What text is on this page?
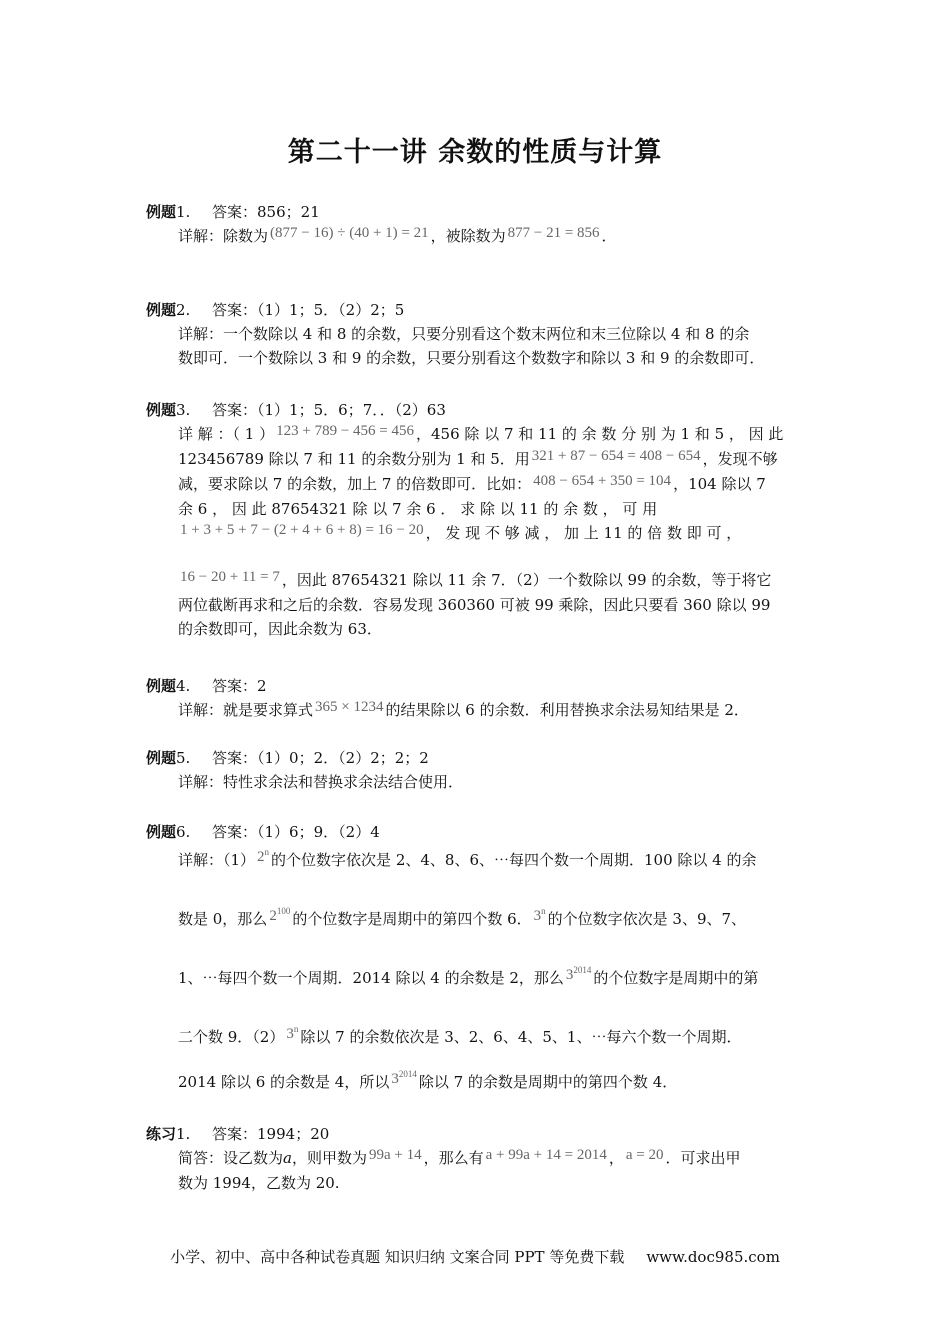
第二十一讲 余数的性质与计算
例题1. 答案：856；21
详解：除数为 (877 − 16) ÷ (40 + 1) = 21 ，被除数为 877 − 21 = 856 ．
例题2. 答案：（1）1；5．（2）2；5
详解：一个数除以 4 和 8 的余数，只要分别看这个数末两位和末三位除以 4 和 8 的余
数即可．一个数除以 3 和 9 的余数，只要分别看这个数数字和除以 3 和 9 的余数即可．
例题3. 答案：（1）1；5．6；7．．（2）63
详 解 ：（ 1 ） 123 + 789 − 456 = 456 ，456 除 以 7 和 11 的 余 数 分 别 为 1 和 5 ， 因 此
123456789 除以 7 和 11 的余数分别为 1 和 5．用 321 + 87 − 654 = 408 − 654 ，发现不够
减，要求除以 7 的余数，加上 7 的倍数即可．比如： 408 − 654 + 350 = 104 ，104 除以 7
余 6 ， 因 此 87654321 除 以 7 余 6 ． 求 除 以 11 的 余 数 ， 可 用
1 + 3 + 5 + 7 − (2 + 4 + 6 + 8) = 16 − 20 ， 发 现 不 够 减 ， 加 上 11 的 倍 数 即 可 ，
16 − 20 + 11 = 7 ，因此 87654321 除以 11 余 7．（2）一个数除以 99 的余数，等于将它
两位截断再求和之后的余数．容易发现 360360 可被 99 乘除，因此只要看 360 除以 99
的余数即可，因此余数为 63．
例题4. 答案：2
详解：就是要求算式 365 × 1234 的结果除以 6 的余数．利用替换求余法易知结果是 2．
例题5. 答案：（1）0；2．（2）2；2；2
详解：特性求余法和替换求余法结合使用．
例题6. 答案：（1）6；9．（2）4
详解：（1） 2$^n$ 的个位数字依次是 2、4、8、6、⋯每四个数一个周期．100 除以 4 的余
数是 0，那么 $2^{100}$ 的个位数字是周期中的第四个数 6． 3$^n$ 的个位数字依次是 3、9、7、
1、⋯每四个数一个周期．2014 除以 4 的余数是 2，那么 $3^{2014}$ 的个位数字是周期中的第
二个数 9．（2） 3$^n$ 除以 7 的余数依次是 3、2、6、4、5、1、⋯每六个数一个周期．
2014 除以 6 的余数是 4，所以 $3^{2014}$ 除以 7 的余数是周期中的第四个数 4．
练习1. 答案：1994；20
简答：设乙数为a，则甲数为 99a + 14 ，那么有 a + 99a + 14 = 2014 ， a = 20 ．可求出甲
数为 1994，乙数为 20.
小学、初中、高中各种试卷真题 知识归纳 文案合同 PPT 等免费下载 www.doc985.com
